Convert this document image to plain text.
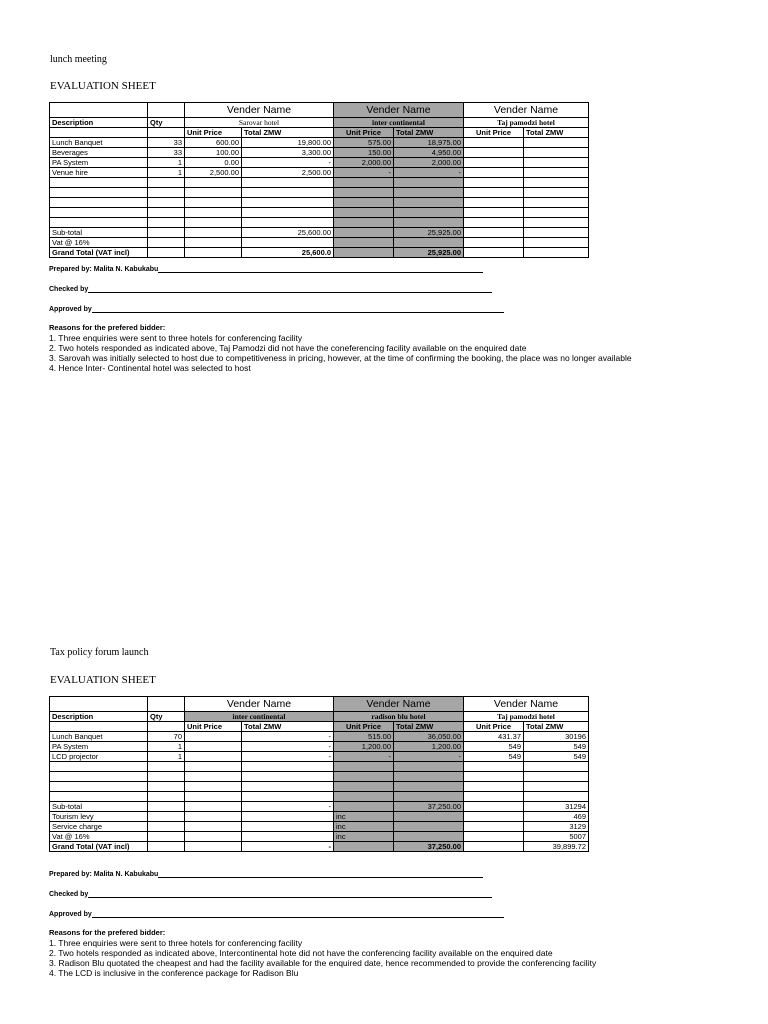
lunch meeting
EVALUATION SHEET
		Vender Name		Vender Name		Vender Name	
Description	Qty	Sarovar hotel		inter continental		Taj pamodzi hotel	
		Unit Price	Total ZMW	Unit Price	Total ZMW	Unit Price	Total ZMW
Lunch Banquet	33	600.00	19,800.00	575.00	18,975.00		
Beverages	33	100.00	3,300.00	150.00	4,950.00		
PA System	1	0.00	-	2,000.00	2,000.00		
Venue hire	1	2,500.00	2,500.00	-	-		

Sub-total			25,600.00		25,925.00		
Vat @ 16%							
Grand Total (VAT incl)			25,600.0		25,925.00		
Prepared by: Malita N. Kabukabu
Checked by
Approved by
Reasons for the prefered bidder:
1. Three enquiries were sent to three hotels for conferencing facility
2. Two hotels responded as indicated above, Taj Pamodzi did not have the coneferencing facility available on the enquired date
3. Sarovah was initially selected to host due to competitiveness in pricing, however, at the time of confirming the booking, the place was no longer available
4. Hence Inter- Continental hotel was selected to host
Tax policy forum launch
EVALUATION SHEET
		Vender Name		Vender Name		Vender Name	
Description	Qty	inter continental		radison blu hotel		Taj pamodzi hotel	
		Unit Price	Total ZMW	Unit Price	Total ZMW	Unit Price	Total ZMW
Lunch Banquet	70		-	515.00	36,050.00	431.37	30196
PA System	1		-	1,200.00	1,200.00	549	549
LCD projector	1		-	-	-	549	549

Sub-total			-		37,250.00		31294
Tourism levy				inc			469
Service charge				inc			3129
Vat @ 16%				inc			5007
Grand Total (VAT incl)			-		37,250.00		39,899.72
Prepared by: Malita N. Kabukabu
Checked by
Approved by
Reasons for the prefered bidder:
1. Three enquiries were sent to three hotels for conferencing facility
2. Two hotels responded as indicated above, Intercontinental hote did not have the conferencing facility available on the enquired date
3. Radison Blu quotated the cheapest and had the facility available for the enquired date, hence recommended to provide the conferencing facility
4. The LCD is inclusive in the conference package for Radison Blu
